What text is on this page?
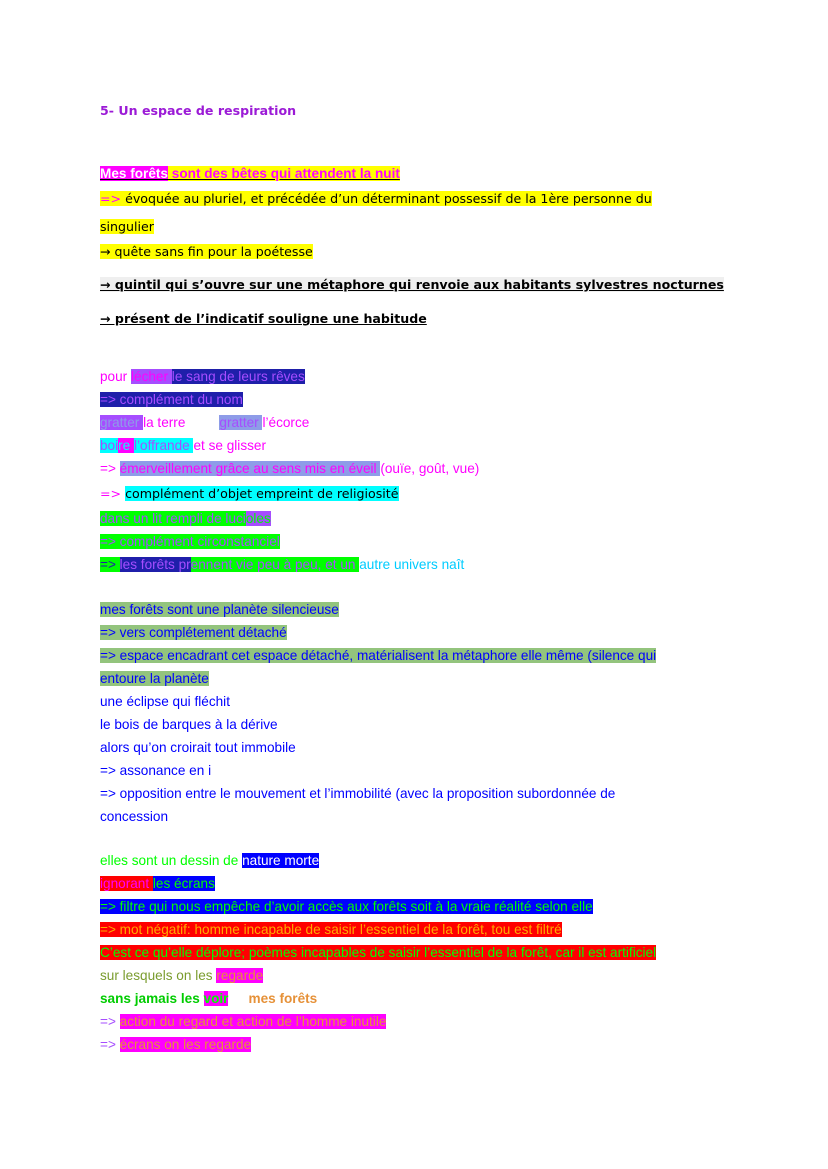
5- Un espace de respiration
Mes forêts sont des bêtes qui attendent la nuit
=> évoquée au pluriel, et précédée d’un déterminant possessif de la 1ère personne du
singulier
→ quête sans fin pour la poétesse
→ quintil qui s’ouvre sur une métaphore qui renvoie aux habitants sylvestres nocturnes
→ présent de l’indicatif souligne une habitude
pour lécher le sang de leurs rêves
=> complément du nom
gratter la terre	gratter l’écorce
boire l’offrande et se glisser
=> émerveillement grâce au sens mis en éveil (ouïe, goût, vue)
=> complément d’objet empreint de religiosité
dans un lit rempli de lucioles
=> complément circonstanciel
=> les forêts prennent vie peu à peu, et un autre univers naît
mes forêts sont une planète silencieuse
=> vers complétement détaché
=> espace encadrant cet espace détaché, matérialisent la métaphore elle même (silence qui
entoure la planète
une éclipse qui fléchit
le bois de barques à la dérive
alors qu’on croirait tout immobile
=> assonance en i
=> opposition entre le mouvement et l’immobilité (avec la proposition subordonnée de
concession
elles sont un dessin de nature morte
ignorant les écrans
=> filtre qui nous empêche d’avoir accès aux forêts soit à la vraie réalité selon elle
=> mot négatif: homme incapable de saisir l’essentiel de la forêt, tou est filtré
C’est ce qu’elle déplore; poèmes incapables de saisir l’essentiel de la forêt, car il est artificiel
sur lesquels on les regarde
sans jamais les voir mes forêts
=> action du regard et action de l’homme inutile
=> écrans on les regarde
